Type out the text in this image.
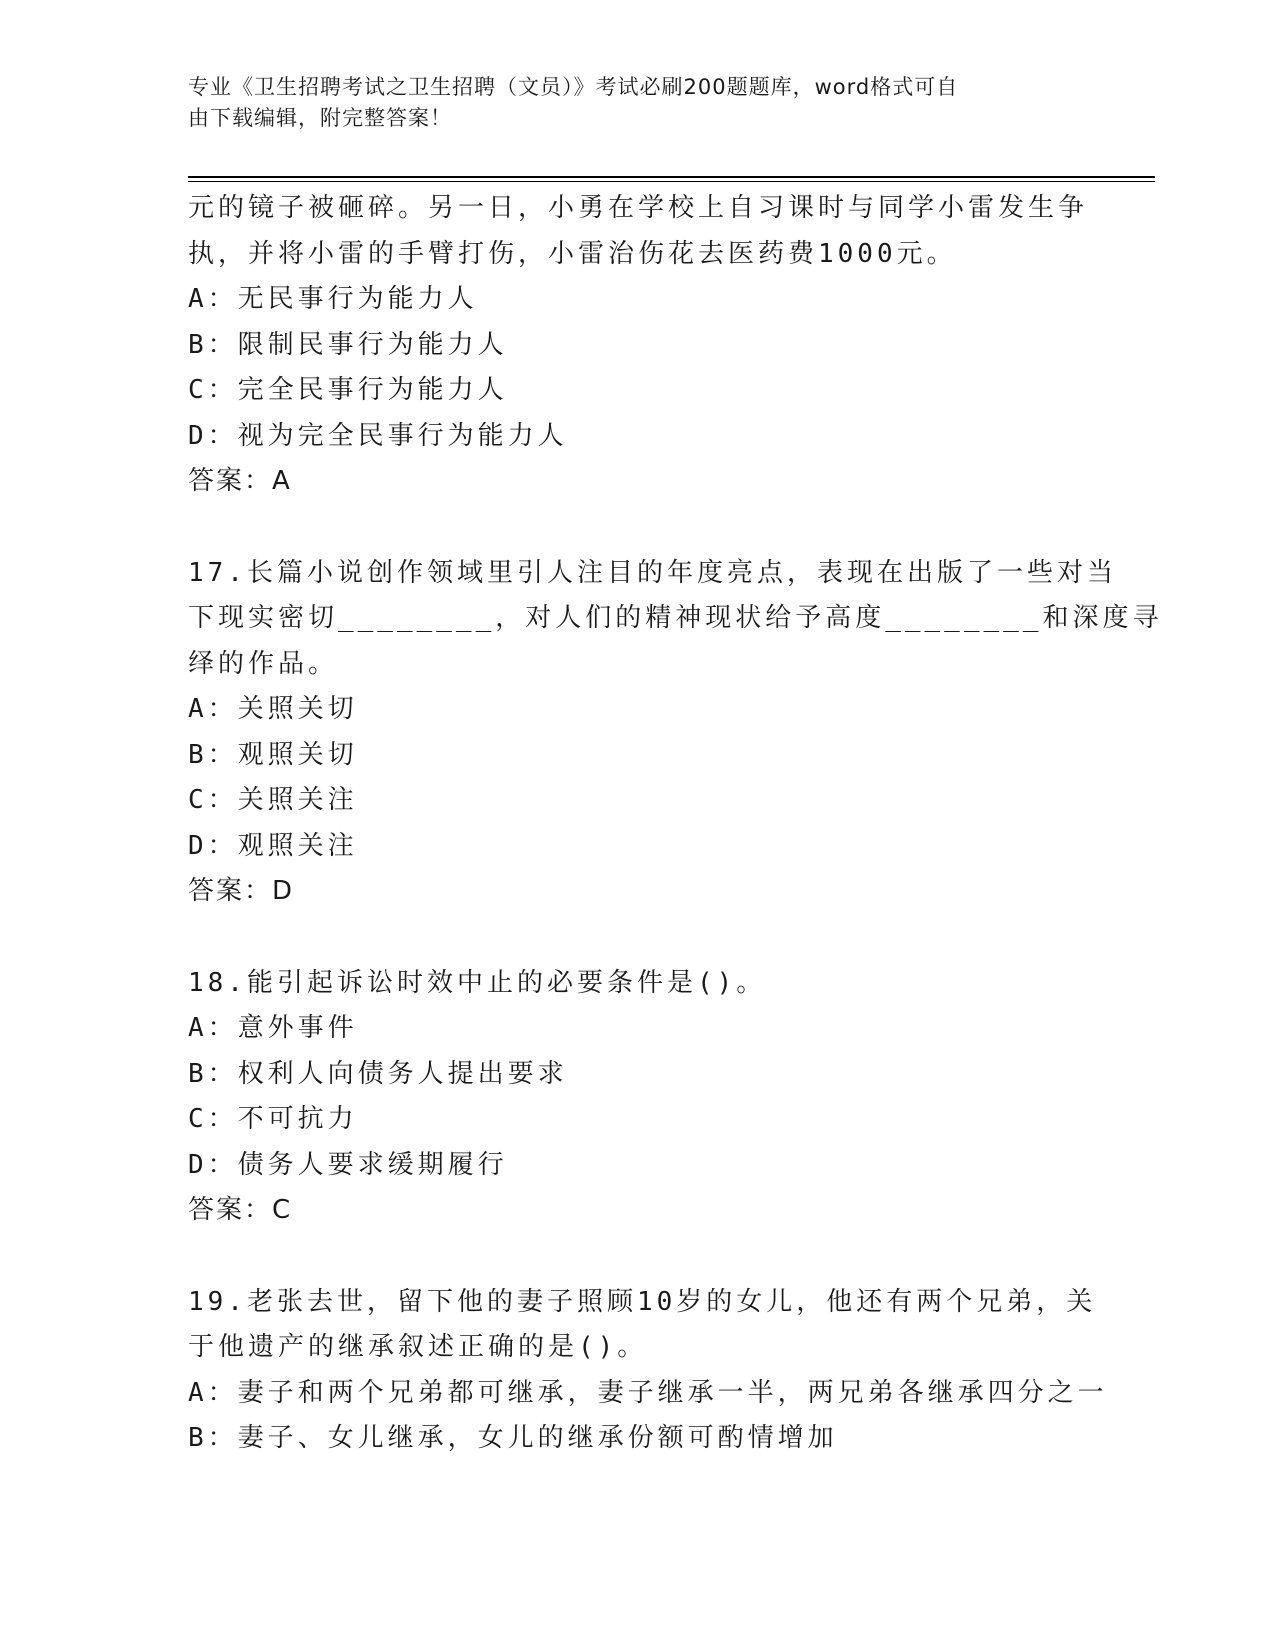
专业《卫生招聘考试之卫生招聘（文员）》考试必刷200题题库，word格式可自
由下载编辑，附完整答案！
元的镜子被砸碎。另一日，小勇在学校上自习课时与同学小雷发生争
执，并将小雷的手臂打伤，小雷治伤花去医药费1000元。
A：无民事行为能力人
B：限制民事行为能力人
C：完全民事行为能力人
D：视为完全民事行为能力人
答案：A
17.长篇小说创作领域里引人注目的年度亮点，表现在出版了一些对当
下现实密切________，对人们的精神现状给予高度________和深度寻
绎的作品。
A：关照关切
B：观照关切
C：关照关注
D：观照关注
答案：D
18.能引起诉讼时效中止的必要条件是()。
A：意外事件
B：权利人向债务人提出要求
C：不可抗力
D：债务人要求缓期履行
答案：C
19.老张去世，留下他的妻子照顾10岁的女儿，他还有两个兄弟，关
于他遗产的继承叙述正确的是()。
A：妻子和两个兄弟都可继承，妻子继承一半，两兄弟各继承四分之一
B：妻子、女儿继承，女儿的继承份额可酌情增加
